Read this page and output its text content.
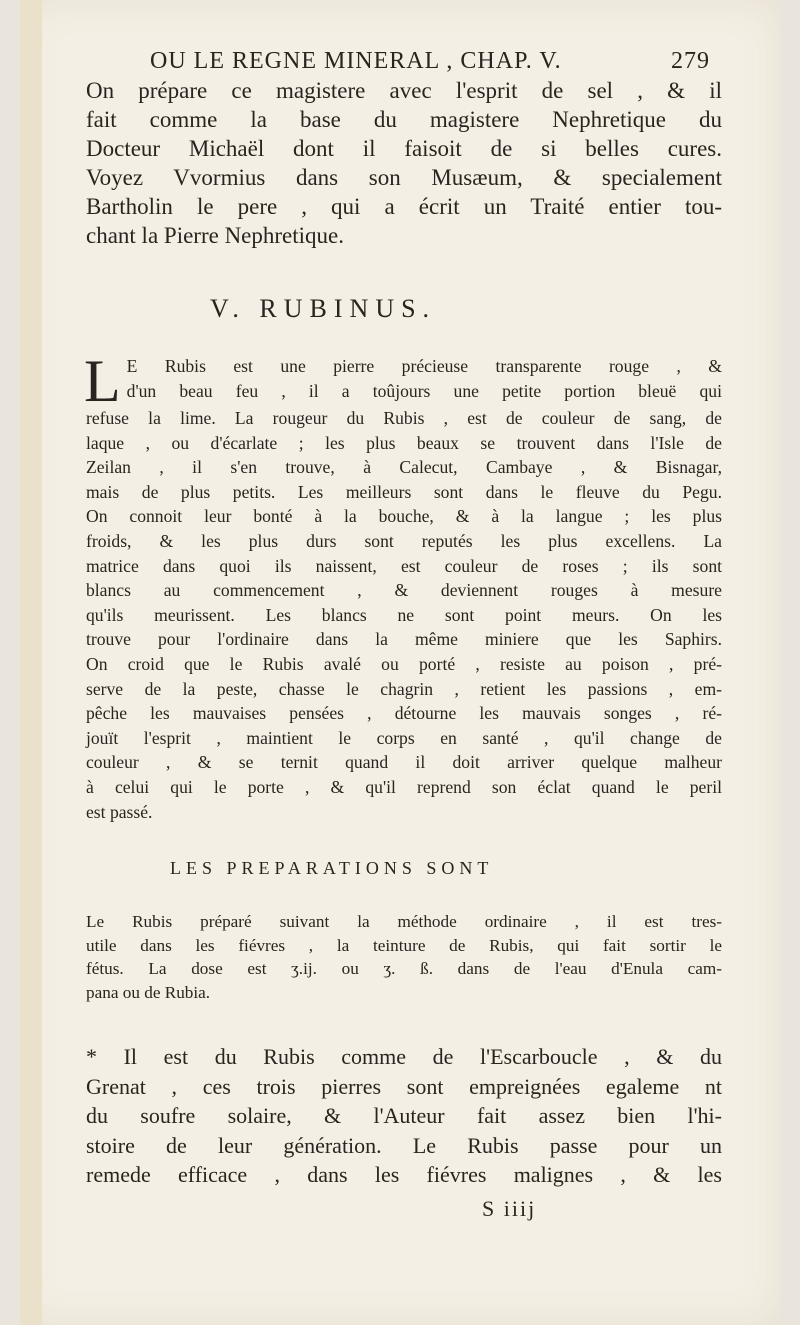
OU LE REGNE MINERAL , CHAP. V.	279
On prépare ce magistere avec l'esprit de sel , & il
fait comme la base du magistere Nephretique du
Docteur Michaël dont il faisoit de si belles cures.
Voyez Vvormius dans son Musæum, & specialement
Bartholin le pere , qui a écrit un Traité entier tou-
chant la Pierre Nephretique.
V. RUBINUS.
L E Rubis est une pierre précieuse transparente rouge , &
d'un beau feu , il a toûjours une petite portion bleuë qui
refuse la lime. La rougeur du Rubis , est de couleur de sang, de
laque , ou d'écarlate ; les plus beaux se trouvent dans l'Isle de
Zeilan , il s'en trouve, à Calecut, Cambaye , & Bisnagar,
mais de plus petits. Les meilleurs sont dans le fleuve du Pegu.
On connoit leur bonté à la bouche, & à la langue ; les plus
froids, & les plus durs sont reputés les plus excellens. La
matrice dans quoi ils naissent, est couleur de roses ; ils sont
blancs au commencement , & deviennent rouges à mesure
qu'ils meurissent. Les blancs ne sont point meurs. On les
trouve pour l'ordinaire dans la même miniere que les Saphirs.
On croid que le Rubis avalé ou porté , resiste au poison , pré-
serve de la peste, chasse le chagrin , retient les passions , em-
pêche les mauvaises pensées , détourne les mauvais songes , ré-
jouït l'esprit , maintient le corps en santé , qu'il change de
couleur , & se ternit quand il doit arriver quelque malheur
à celui qui le porte , & qu'il reprend son éclat quand le peril
est passé.
LES PREPARATIONS SONT
Le Rubis préparé suivant la méthode ordinaire , il est tres-
utile dans les fiévres , la teinture de Rubis, qui fait sortir le
fétus. La dose est ʒ.ij. ou ʒ. ß. dans de l'eau d'Enula cam-
pana ou de Rubia.
* Il est du Rubis comme de l'Escarboucle , & du
Grenat , ces trois pierres sont empreignées egaleme nt
du soufre solaire, & l'Auteur fait assez bien l'hi-
stoire de leur génération. Le Rubis passe pour un
remede efficace , dans les fiévres malignes , & les
S iiij
